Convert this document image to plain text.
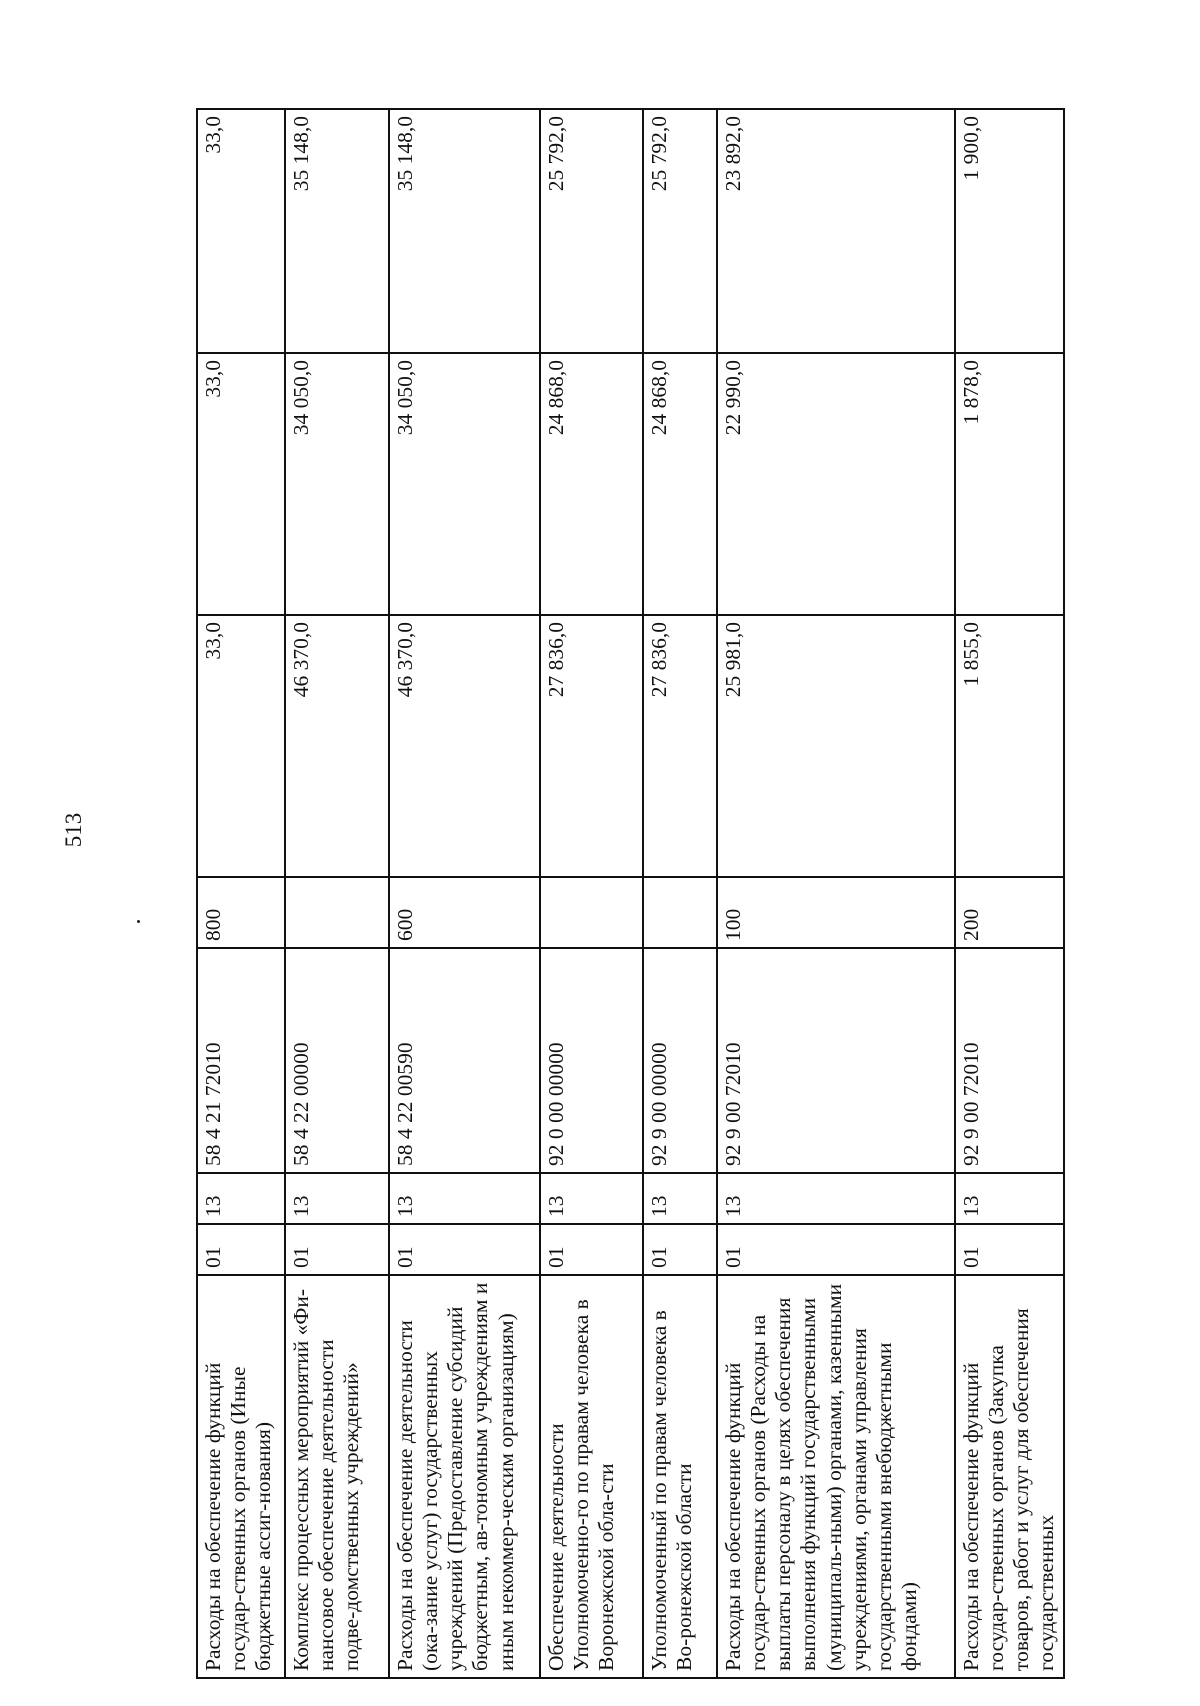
513
Расходы на обеспечение функций государ-ственных органов (Иные бюджетные ассиг-нования)	01	13	58 4 21 72010	800	33,0	33,0	33,0
Комплекс процессных мероприятий «Фи-нансовое обеспечение деятельности подве-домственных учреждений»	01	13	58 4 22 00000		46 370,0	34 050,0	35 148,0
Расходы на обеспечение деятельности (ока-зание услуг) государственных учреждений (Предоставление субсидий бюджетным, ав-тономным учреждениям и иным некоммер-ческим организациям)	01	13	58 4 22 00590	600	46 370,0	34 050,0	35 148,0
Обеспечение деятельности Уполномоченно-го по правам человека в Воронежской обла-сти	01	13	92 0 00 00000		27 836,0	24 868,0	25 792,0
Уполномоченный по правам человека в Во-ронежской области	01	13	92 9 00 00000		27 836,0	24 868,0	25 792,0
Расходы на обеспечение функций государ-ственных органов (Расходы на выплаты персоналу в целях обеспечения выполнения функций государственными (муниципаль-ными) органами, казенными учреждениями, органами управления государственными внебюджетными фондами)	01	13	92 9 00 72010	100	25 981,0	22 990,0	23 892,0
Расходы на обеспечение функций государ-ственных органов (Закупка товаров, работ и услуг для обеспечения государственных	01	13	92 9 00 72010	200	1 855,0	1 878,0	1 900,0
